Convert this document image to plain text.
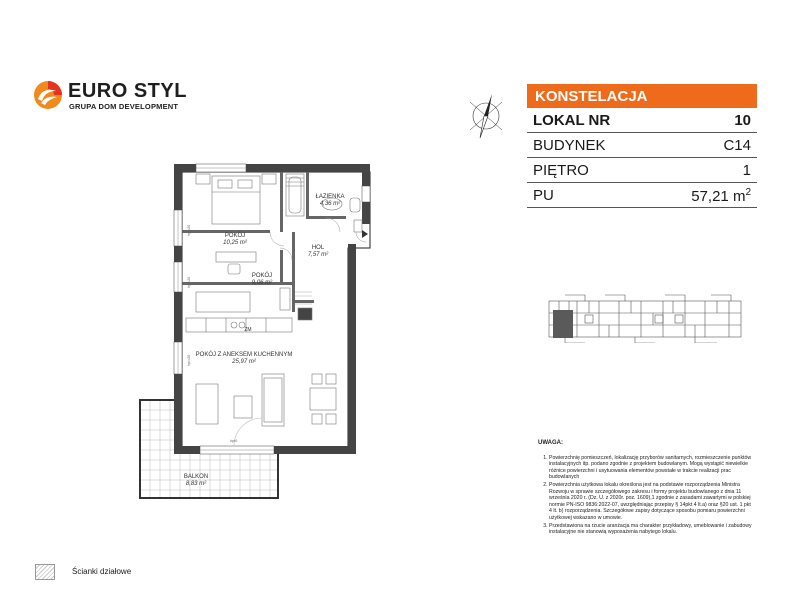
EURO STYL
GRUPA DOM DEVELOPMENT
KONSTELACJA
LOKAL NR	10
BUDYNEK	C14
PIĘTRO	1
PU	57,21 $m^2$
POKÓJ
10,25 m²
ŁAZIENKA
4,36 m²
HOL
7,57 m²
POKÓJ
9,06 m²
POKÓJ Z ANEKSEM KUCHENNYM
25,97 m²
BALKON
8,83 m²
ZM
hpr=20
hpr=20
hpr=20
hpr0	UWAGA:
1. Powierzchnię pomieszczeń, lokalizację przyborów sanitarnych, rozmieszczenie punktów instalacyjnych itp. podano zgodnie z projektem budowlanym. Mogą wystąpić niewielkie różnice powierzchni i usytuowania elementów powstałe w trakcie realizacji prac budowlanych
2. Powierzchnia użytkowa lokalu określona jest na podstawie rozporządzenia Ministra Rozwoju w sprawie szczegółowego zakresu i formy projektu budowlanego z dnia 11 września 2020 r. (Dz. U. z 2020r. poz. 1609),1 zgodnie z zasadami zawartymi w polskiej normie PN-ISO 9836:2022-07, uwzględniając przepisy § 14pkt 4 lt.a) oraz §20 ust. 1 pkt 4 lt. b) rozporządzenia. Szczegółowe zapisy dotyczące sposobu pomiaru powierzchni użytkowej wskazano w umowie.
3. Przedstawiona na rzucie aranżacja ma charakter przykładowy, umeblowanie i zabudowy instalacyjne nie stanowią wyposażenia nabytego lokalu.
Ścianki działowe
